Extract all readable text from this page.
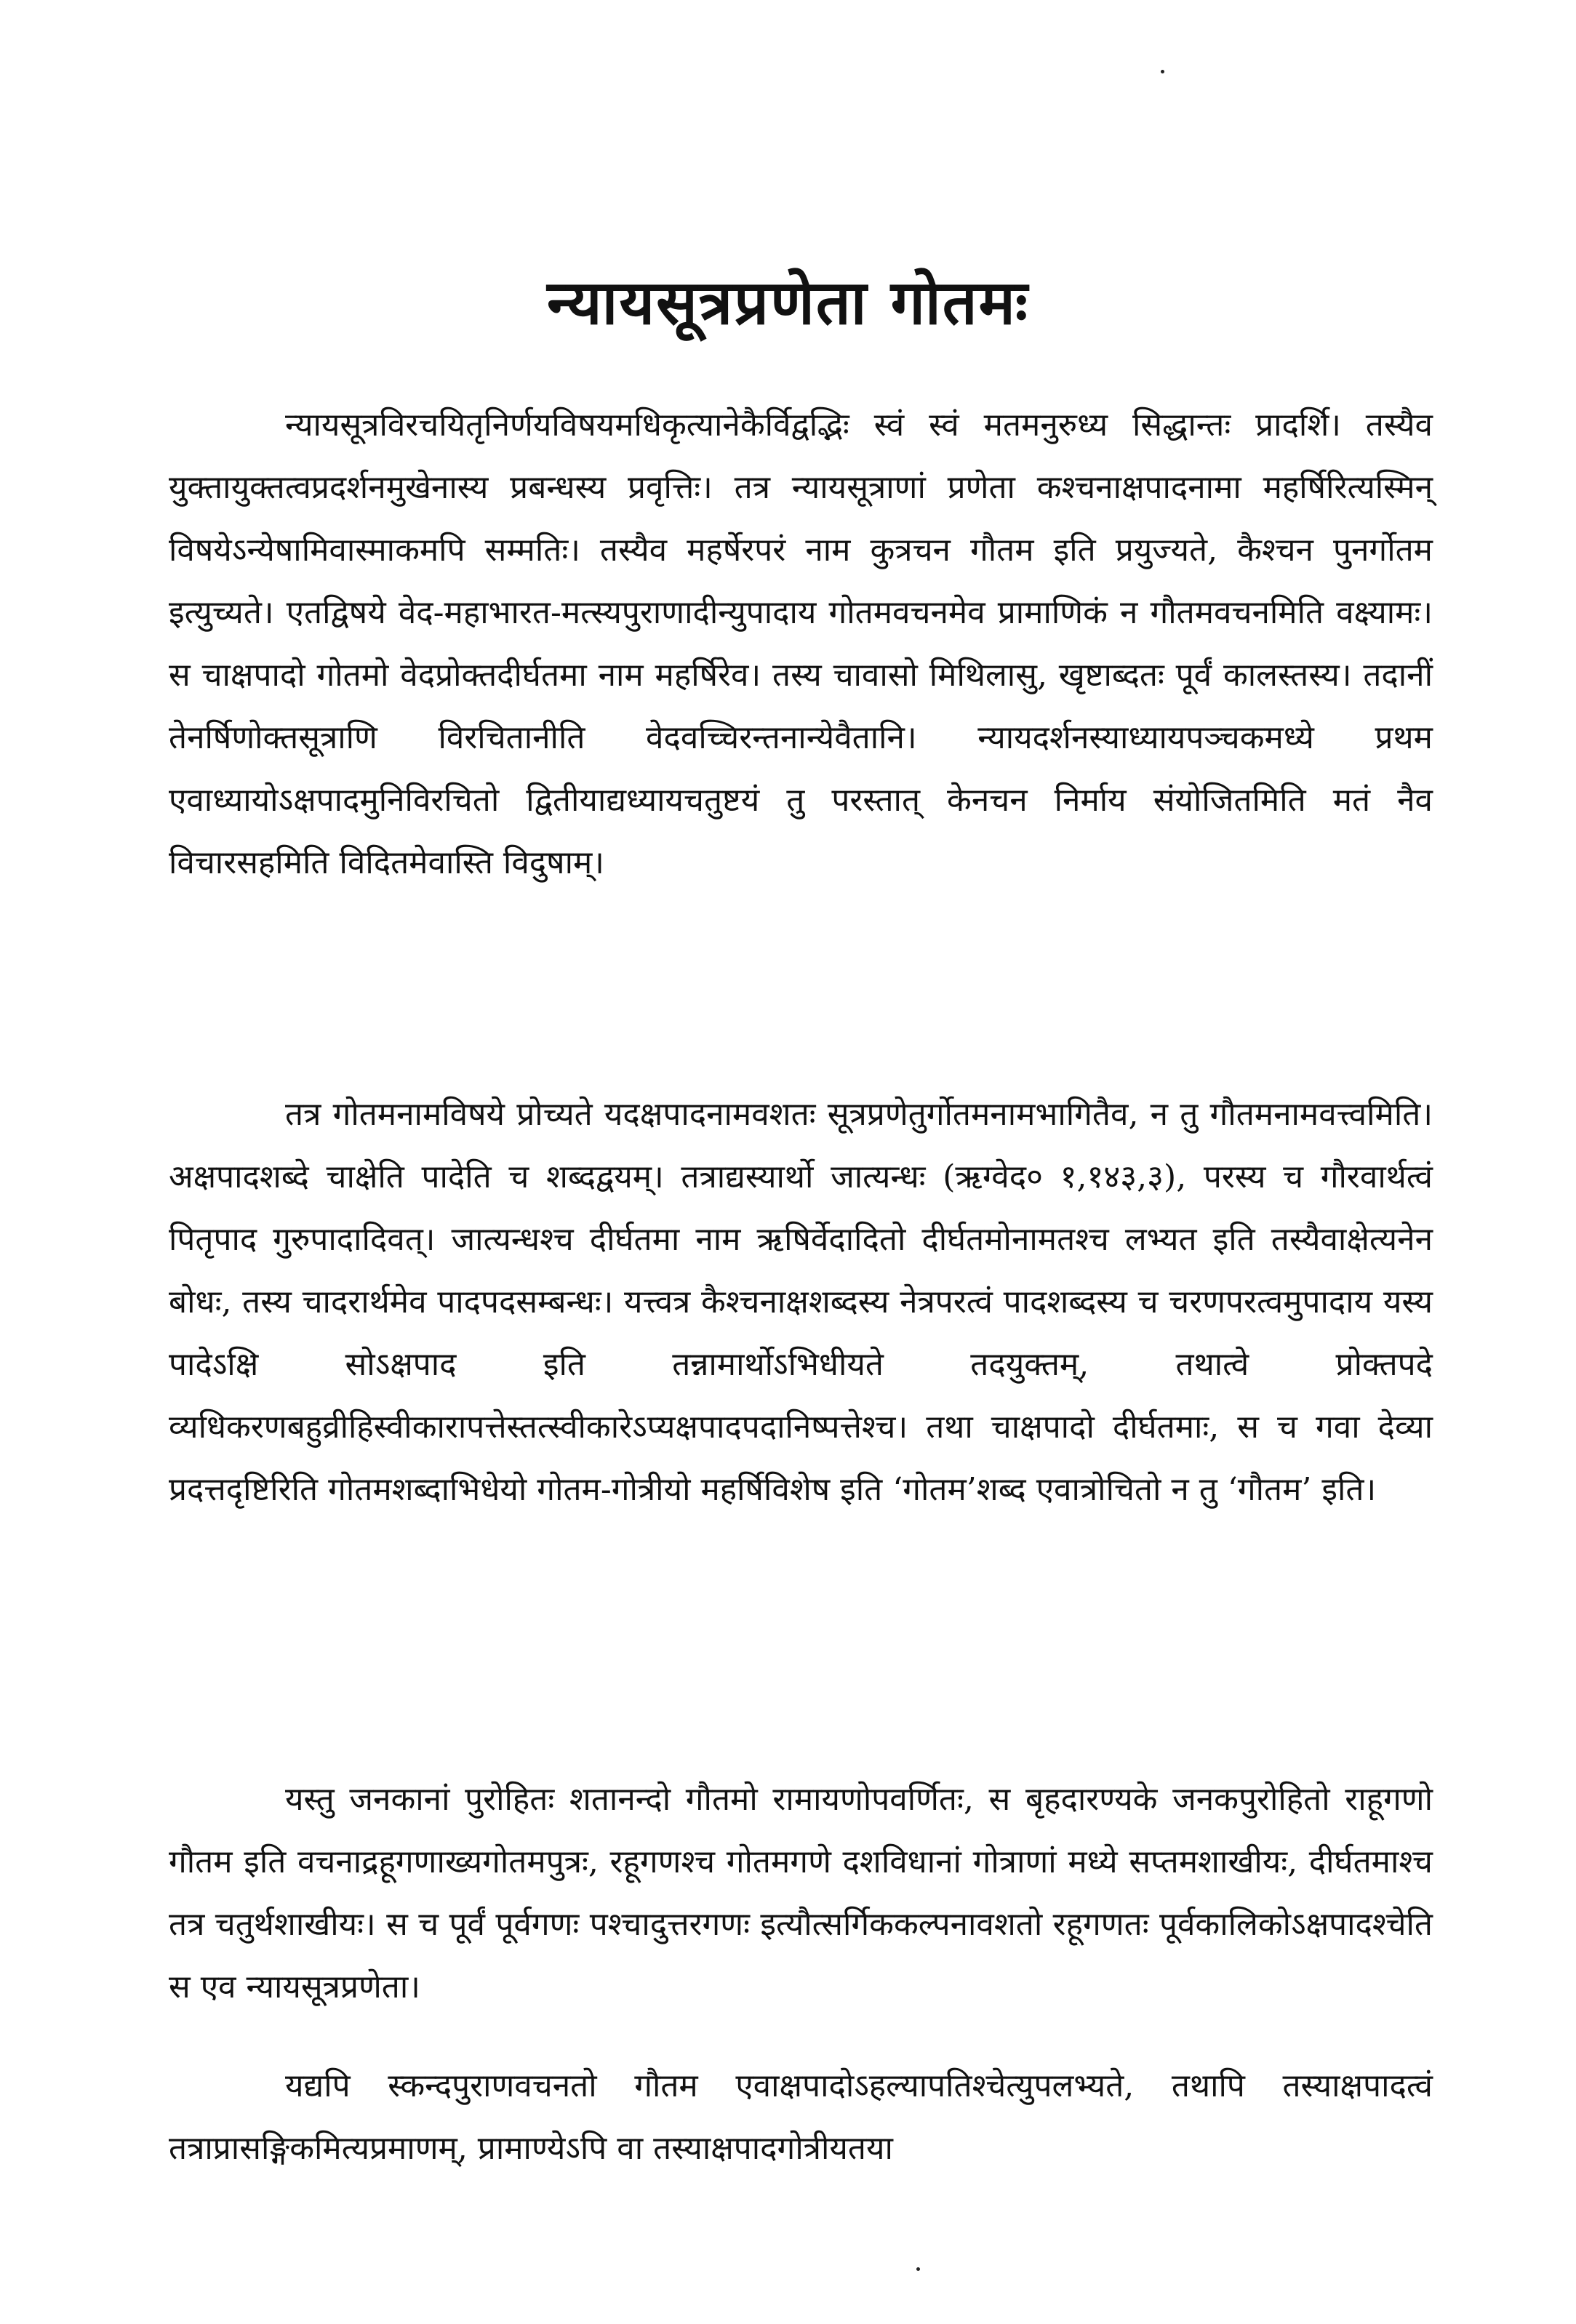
न्यायसूत्रप्रणेता गोतमः

न्यायसूत्रविरचयितृनिर्णयविषयमधिकृत्यानेकैर्विद्वद्भिः स्वं स्वं मतमनुरुध्य सिद्धान्तः प्रादर्शि। तस्यैव युक्तायुक्तत्वप्रदर्शनमुखेनास्य प्रबन्धस्य प्रवृत्तिः। तत्र न्यायसूत्राणां प्रणेता कश्चनाक्षपादनामा महर्षिरित्यस्मिन् विषयेऽन्येषामिवास्माकमपि सम्मतिः। तस्यैव महर्षेरपरं नाम कुत्रचन गौतम इति प्रयुज्यते, कैश्चन पुनर्गोतम इत्युच्यते। एतद्विषये वेद-महाभारत-मत्स्यपुराणादीन्युपादाय गोतमवचनमेव प्रामाणिकं न गौतमवचनमिति वक्ष्यामः। स चाक्षपादो गोतमो वेदप्रोक्तदीर्घतमा नाम महर्षिरेव। तस्य चावासो मिथिलासु, खृष्टाब्दतः पूर्वं कालस्तस्य। तदानीं तेनर्षिणोक्तसूत्राणि विरचितानीति वेदवच्चिरन्तनान्येवैतानि। न्यायदर्शनस्याध्यायपञ्चकमध्ये प्रथम एवाध्यायोऽक्षपादमुनिविरचितो द्वितीयाद्यध्यायचतुष्टयं तु परस्तात् केनचन निर्माय संयोजितमिति मतं नैव विचारसहमिति विदितमेवास्ति विदुषाम्।

तत्र गोतमनामविषये प्रोच्यते यदक्षपादनामवशतः सूत्रप्रणेतुर्गोतमनामभागितैव, न तु गौतमनामवत्त्वमिति। अक्षपादशब्दे चाक्षेति पादेति च शब्दद्वयम्। तत्राद्यस्यार्थो जात्यन्धः (ऋग्वेद० १,१४३,३), परस्य च गौरवार्थत्वं पितृपाद गुरुपादादिवत्। जात्यन्धश्च दीर्घतमा नाम ऋषिर्वेदादितो दीर्घतमोनामतश्च लभ्यत इति तस्यैवाक्षेत्यनेन बोधः, तस्य चादरार्थमेव पादपदसम्बन्धः। यत्त्वत्र कैश्चनाक्षशब्दस्य नेत्रपरत्वं पादशब्दस्य च चरणपरत्वमुपादाय यस्य पादेऽक्षि सोऽक्षपाद इति तन्नामार्थोऽभिधीयते तदयुक्तम्, तथात्वे प्रोक्तपदे व्यधिकरणबहुव्रीहिस्वीकारापत्तेस्तत्स्वीकारेऽप्यक्षपादपदानिष्पत्तेश्च। तथा चाक्षपादो दीर्घतमाः, स च गवा देव्या प्रदत्तदृष्टिरिति गोतमशब्दाभिधेयो गोतम-गोत्रीयो महर्षिविशेष इति ‘गोतम’शब्द एवात्रोचितो न तु ‘गौतम’ इति।

यस्तु जनकानां पुरोहितः शतानन्दो गौतमो रामायणोपवर्णितः, स बृहदारण्यके जनकपुरोहितो राहूगणो गौतम इति वचनाद्रहूगणाख्यगोतमपुत्रः, रहूगणश्च गोतमगणे दशविधानां गोत्राणां मध्ये सप्तमशाखीयः, दीर्घतमाश्च तत्र चतुर्थशाखीयः। स च पूर्वं पूर्वगणः पश्चादुत्तरगणः इत्यौत्सर्गिककल्पनावशतो रहूगणतः पूर्वकालिकोऽक्षपादश्चेति स एव न्यायसूत्रप्रणेता।

यद्यपि स्कन्दपुराणवचनतो गौतम एवाक्षपादोऽहल्यापतिश्चेत्युपलभ्यते, तथापि तस्याक्षपादत्वं तत्राप्रासङ्गिकमित्यप्रमाणम्, प्रामाण्येऽपि वा तस्याक्षपादगोत्रीयतया
